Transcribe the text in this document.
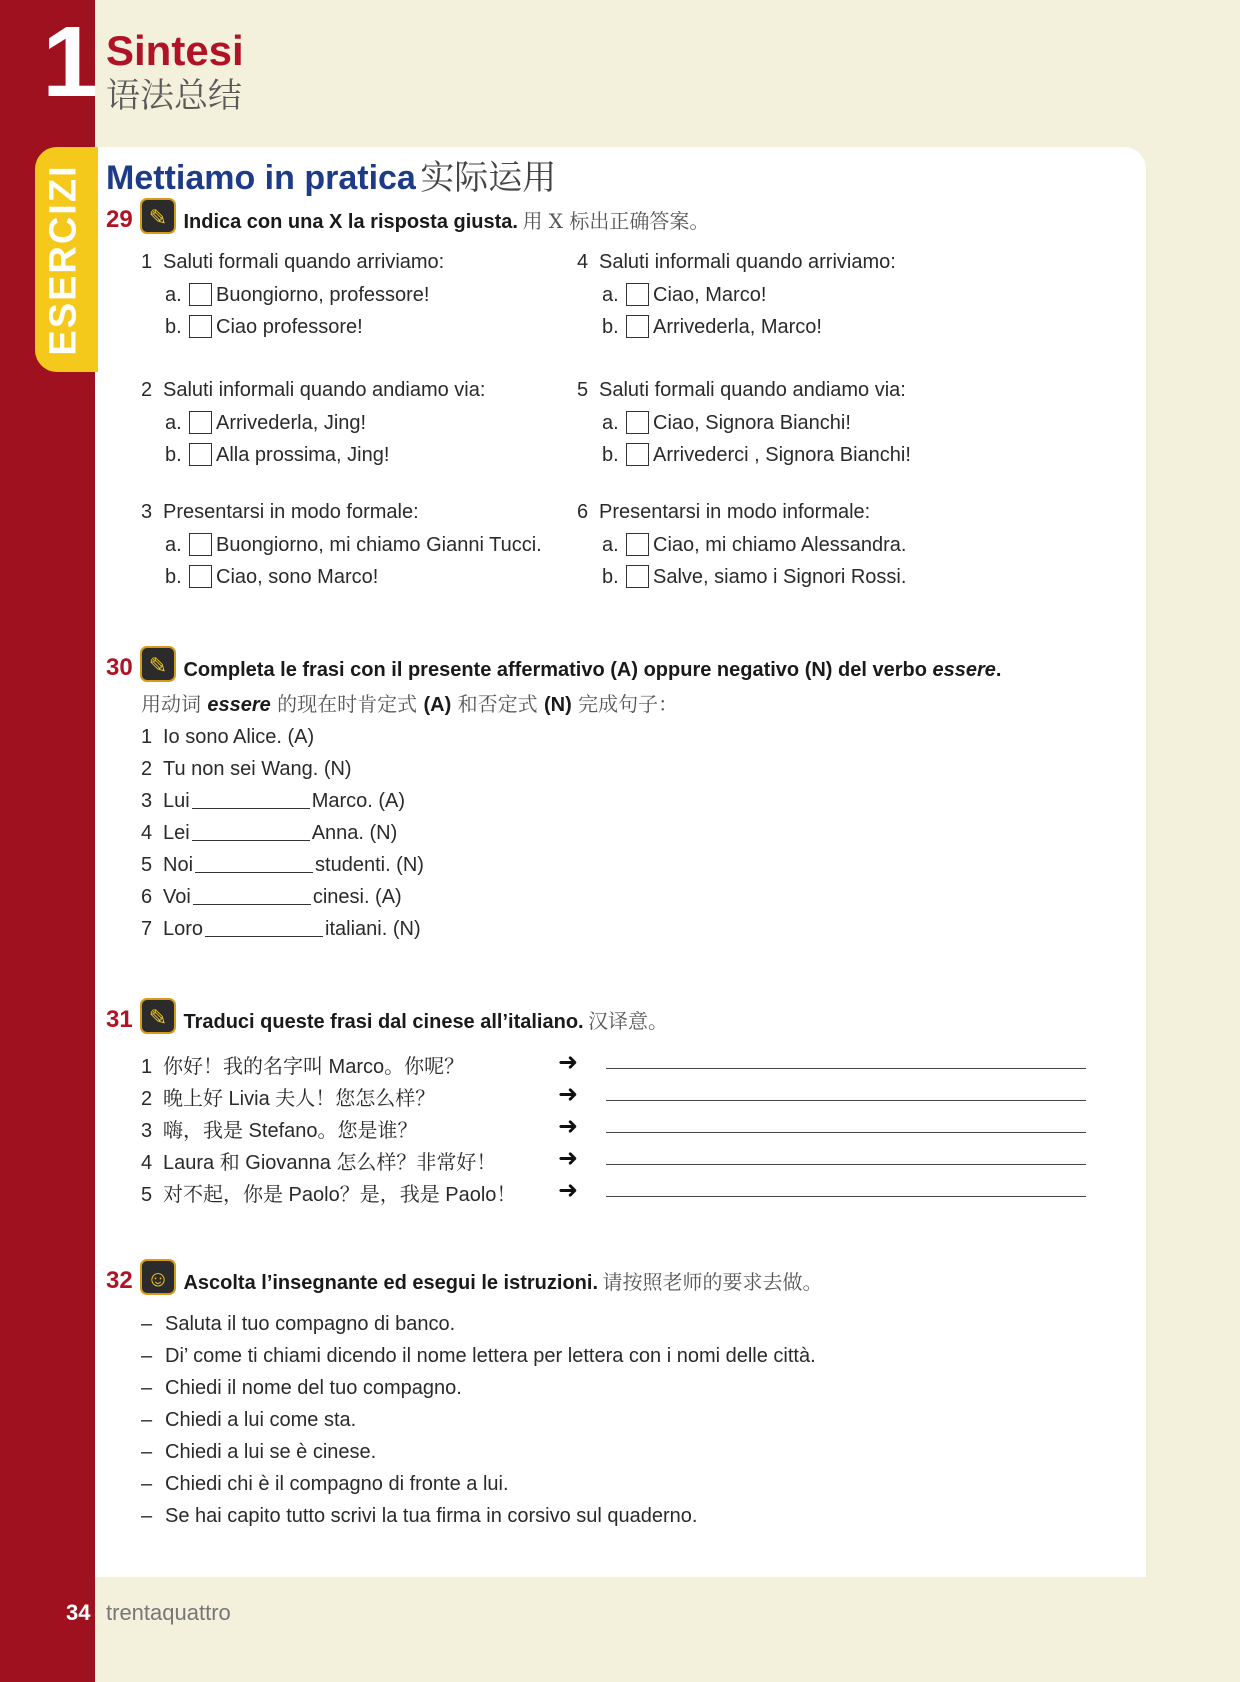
1 Sintesi
语法总结
ESERCIZI Mettiamo in pratica 实际运用
29 ✎ Indica con una X la risposta giusta. 用 X 标出正确答案。
1 Saluti formali quando arriviamo:
a. Buongiorno, professore!
b. Ciao professore!
2 Saluti informali quando andiamo via:
a. Arrivederla, Jing!
b. Alla prossima, Jing!
3 Presentarsi in modo formale:
a. Buongiorno, mi chiamo Gianni Tucci.
b. Ciao, sono Marco!
4 Saluti informali quando arriviamo:
a. Ciao, Marco!
b. Arrivederla, Marco!
5 Saluti formali quando andiamo via:
a. Ciao, Signora Bianchi!
b. Arrivederci , Signora Bianchi!
6 Presentarsi in modo informale:
a. Ciao, mi chiamo Alessandra.
b. Salve, siamo i Signori Rossi.
30 ✎ Completa le frasi con il presente affermativo (A) oppure negativo (N) del verbo essere.
用动词 essere 的现在时肯定式 (A) 和否定式 (N) 完成句子：
1 Io sono Alice. (A)
2 Tu non sei Wang. (N)
3 Lui	Marco. (A)
4 Lei	Anna. (N)
5 Noi	studenti. (N)
6 Voi	cinesi. (A)
7 Loro	italiani. (N)
31 ✎ Traduci queste frasi dal cinese all’italiano. 汉译意。
1 你好！我的名字叫 Marco。你呢？	➜
2 晚上好 Livia 夫人！您怎么样？	➜
3 嗨，我是 Stefano。您是谁？	➜
4 Laura 和 Giovanna 怎么样？非常好！	➜
5 对不起，你是 Paolo？是，我是 Paolo！ ➜
32 ☺ Ascolta l’insegnante ed esegui le istruzioni. 请按照老师的要求去做。
– Saluta il tuo compagno di banco.
– Di’ come ti chiami dicendo il nome lettera per lettera con i nomi delle città.
– Chiedi il nome del tuo compagno.
– Chiedi a lui come sta.
– Chiedi a lui se è cinese.
– Chiedi chi è il compagno di fronte a lui.
– Se hai capito tutto scrivi la tua firma in corsivo sul quaderno.
34 trentaquattro
